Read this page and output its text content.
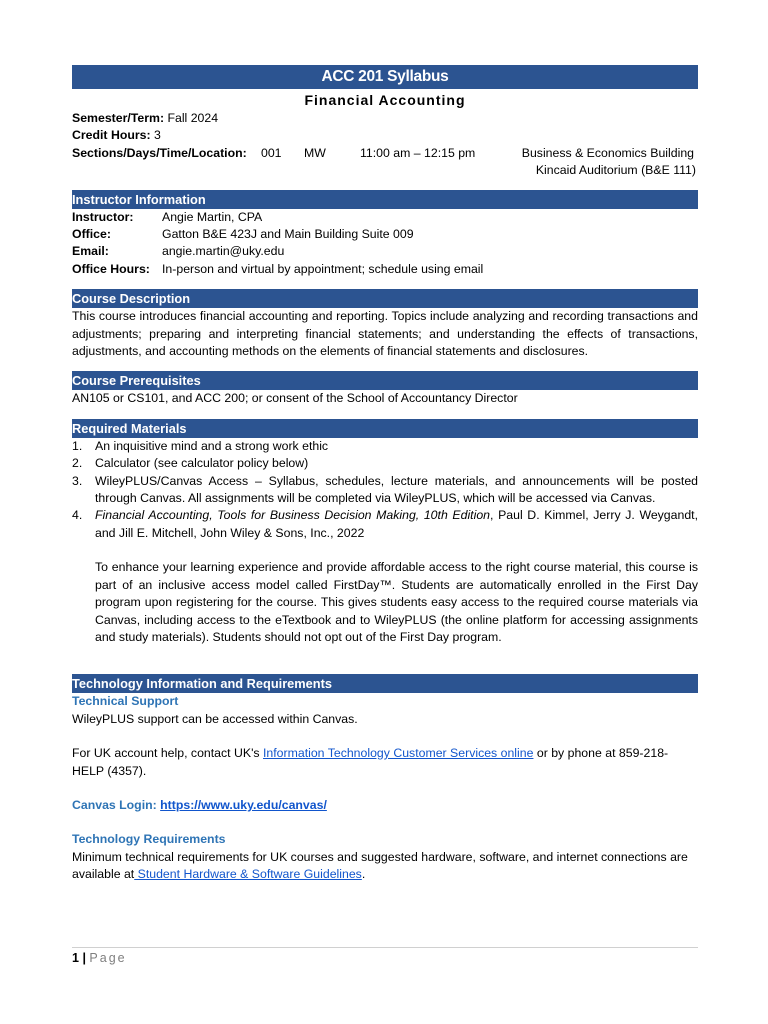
ACC 201 Syllabus
Financial Accounting
Semester/Term:
Fall 2024
Credit Hours:
3
Sections/Days/Time/Location: 001 MW	11:00 am – 12:15 pm	Business & Economics Building
Kincaid Auditorium (B&E 111)
Instructor Information
Instructor:	Angie Martin, CPA
Office:	Gatton B&E 423J and Main Building Suite 009
Email:	angie.martin@uky.edu
Office Hours: In-person and virtual by appointment; schedule using email
Course Description
This course introduces financial accounting and reporting. Topics include analyzing and recording transactions and adjustments; preparing and interpreting financial statements; and understanding the effects of transactions, adjustments, and accounting methods on the elements of financial statements and disclosures.
Course Prerequisites
AN105 or CS101, and ACC 200; or consent of the School of Accountancy Director
Required Materials
1.	An inquisitive mind and a strong work ethic
2.	Calculator (see calculator policy below)
3.	WileyPLUS/Canvas Access – Syllabus, schedules, lecture materials, and announcements will be posted through Canvas. All assignments will be completed via WileyPLUS, which will be accessed via Canvas.
4.	Financial Accounting, Tools for Business Decision Making, 10th Edition, Paul D. Kimmel, Jerry J. Weygandt, and Jill E. Mitchell, John Wiley & Sons, Inc., 2022
To enhance your learning experience and provide affordable access to the right course material, this course is part of an inclusive access model called FirstDay™. Students are automatically enrolled in the First Day program upon registering for the course. This gives students easy access to the required course materials via Canvas, including access to the eTextbook and to WileyPLUS (the online platform for accessing assignments and study materials). Students should not opt out of the First Day program.
Technology Information and Requirements
Technical Support
WileyPLUS support can be accessed within Canvas.
For UK account help, contact UK's Information Technology Customer Services online or by phone at 859-218-HELP (4357).
Canvas Login: https://www.uky.edu/canvas/
Technology Requirements
Minimum technical requirements for UK courses and suggested hardware, software, and internet connections are available at Student Hardware & Software Guidelines.
1 | Page
